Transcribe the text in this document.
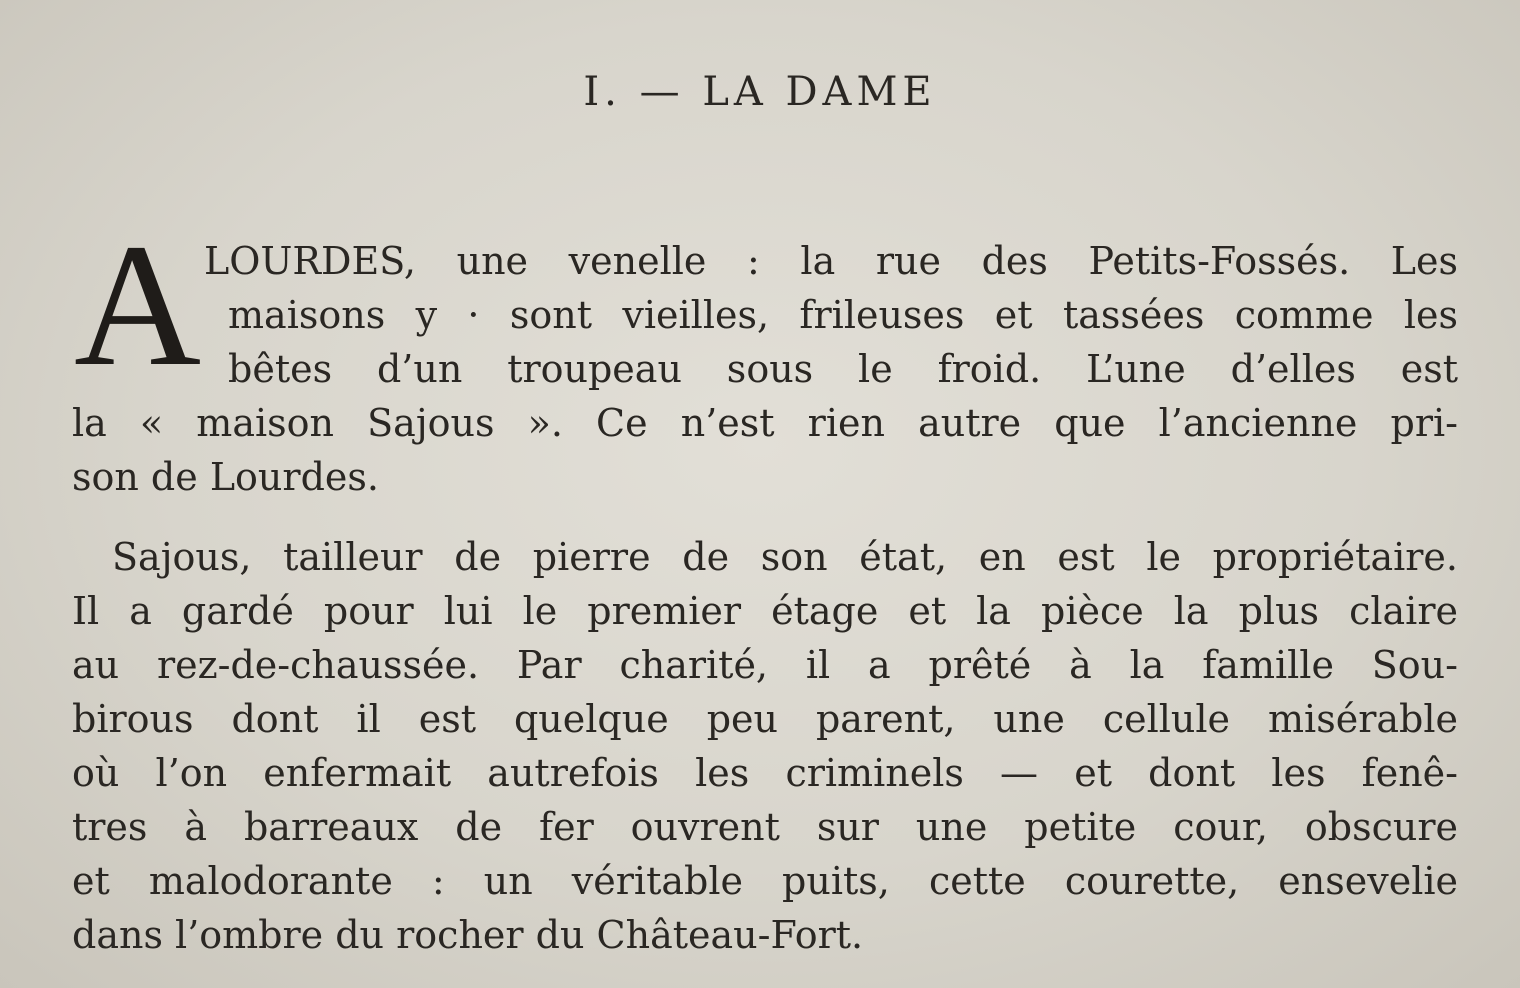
I. — LA DAME
A LOURDES, une venelle : la rue des Petits-Fossés. Les
maisons y · sont vieilles, frileuses et tassées comme les
bêtes d’un troupeau sous le froid. L’une d’elles est
la « maison Sajous ». Ce n’est rien autre que l’ancienne pri-
son de Lourdes.
Sajous, tailleur de pierre de son état, en est le propriétaire.
Il a gardé pour lui le premier étage et la pièce la plus claire
au rez-de-chaussée. Par charité, il a prêté à la famille Sou-
birous dont il est quelque peu parent, une cellule misérable
où l’on enfermait autrefois les criminels — et dont les fenê-
tres à barreaux de fer ouvrent sur une petite cour, obscure
et malodorante : un véritable puits, cette courette, ensevelie
dans l’ombre du rocher du Château-Fort.
